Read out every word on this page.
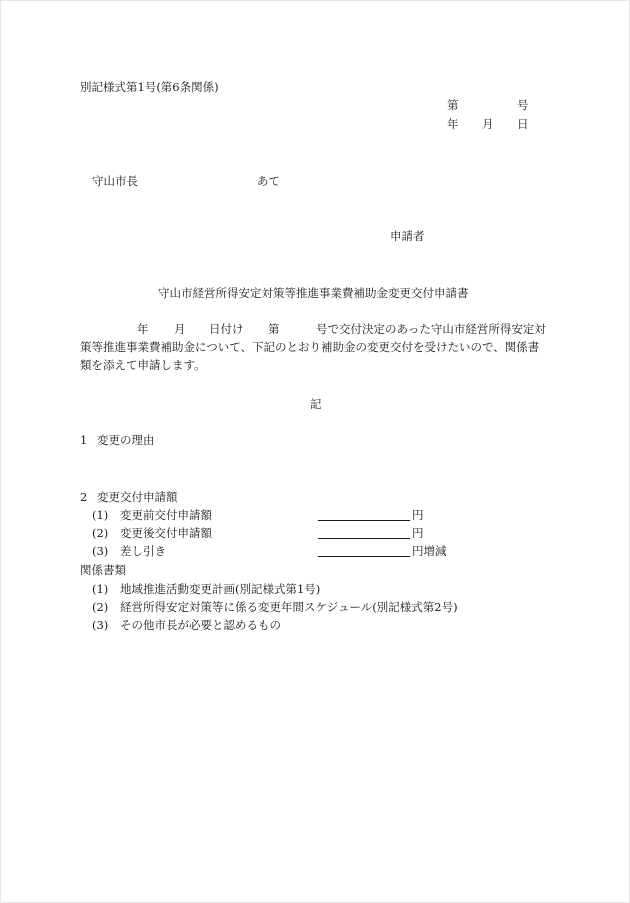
別記様式第1号(第6条関係)
第	号
年 月 日
守山市長	あて
申請者
守山市経営所得安定対策等推進事業費補助金変更交付申請書
年 月 日付け 第	号で交付決定のあった守山市経営所得安定対
策等推進事業費補助金について、下記のとおり補助金の変更交付を受けたいので、関係書
類を添えて申請します。
記
1 変更の理由
2 変更交付申請額
(1) 変更前交付申請額	円
(2) 変更後交付申請額	円
(3) 差し引き	円増減
関係書類
(1) 地域推進活動変更計画(別記様式第1号)
(2) 経営所得安定対策等に係る変更年間スケジュール(別記様式第2号)
(3) その他市長が必要と認めるもの
